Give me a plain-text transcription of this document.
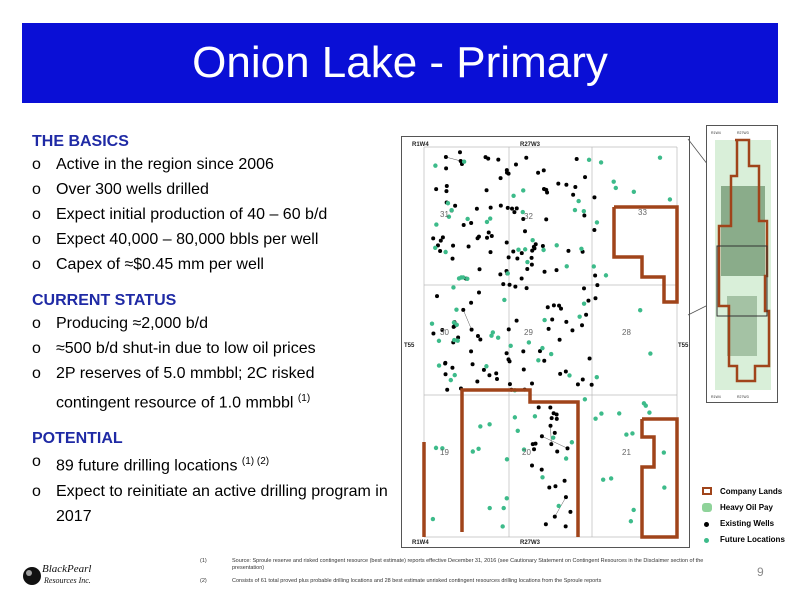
Onion Lake - Primary

THE BASICS

o Active in the region since 2006
o Over 300 wells drilled
o Expect initial production of 40 – 60 b/d
o Expect 40,000 – 80,000 bbls per well
o Capex of ≈$0.45 mm per well

CURRENT STATUS

o Producing ≈2,000 b/d
o ≈500 b/d shut-in due to low oil prices
o 2P reserves of 5.0 mmbbl; 2C risked contingent resource of 1.0 mmbbl $^{(1)}$

POTENTIAL

o 89 future drilling locations $^{(1) (2)}$
o Expect to reinitiate an active drilling program in 2017
R1W4	R27W3
R1W4	R27W3
T55	T55
31	32	33
30	29	28
19	20	21
R1W4	R27W3
R1W4	R27W3
Company Lands
Heavy Oil Pay
Existing Wells
Future Locations
BlackPearl
Resources Inc.
(1)	Source: Sproule reserve and risked contingent resource (best estimate) reports effective December 31, 2016 (see Cautionary Statement on Contingent Resources in the Disclaimer section of the presentation)
(2)	Consists of 61 total proved plus probable drilling locations and 28 best estimate unrisked contingent resources drilling locations from the Sproule reports
9
